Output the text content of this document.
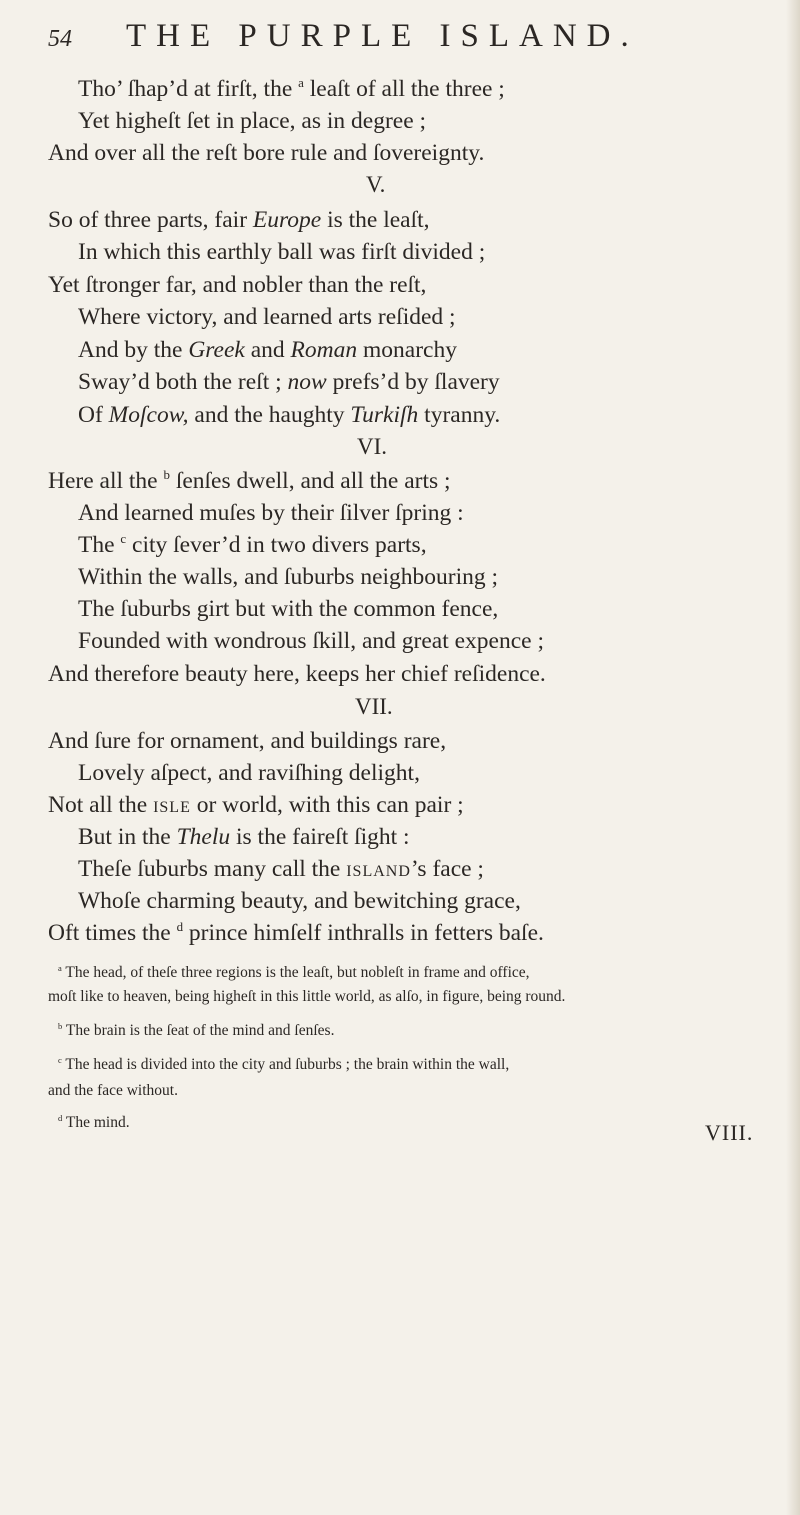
54 THE PURPLE ISLAND.
Tho’ ſhap’d at firſt, the $^a$ leaſt of all the three ;
Yet higheſt ſet in place, as in degree ;
And over all the reſt bore rule and ſovereignty.
V.
So of three parts, fair Europe is the leaſt,
In which this earthly ball was firſt divided ;
Yet ſtronger far, and nobler than the reſt,
Where victory, and learned arts reſided ;
And by the Greek and Roman monarchy
Sway’d both the reſt ; now prefs’d by ſlavery
Of Moſcow, and the haughty Turkiſh tyranny.
VI.
Here all the $^b$ ſenſes dwell, and all the arts ;
And learned muſes by their ſilver ſpring :
The $^c$ city ſever’d in two divers parts,
Within the walls, and ſuburbs neighbouring ;
The ſuburbs girt but with the common fence,
Founded with wondrous ſkill, and great expence ;
And therefore beauty here, keeps her chief reſidence.
VII.
And ſure for ornament, and buildings rare,
Lovely aſpect, and raviſhing delight,
Not all the isle or world, with this can pair ;
But in the Thelu is the faireſt ſight :
Theſe ſuburbs many call the island’s face ;
Whoſe charming beauty, and bewitching grace,
Oft times the $^d$ prince himſelf inthralls in fetters baſe.
$^a$ The head, of theſe three regions is the leaſt, but nobleſt in frame and office,
moſt like to heaven, being higheſt in this little world, as alſo, in figure, being round.
$^b$ The brain is the ſeat of the mind and ſenſes.
$^c$ The head is divided into the city and ſuburbs ; the brain within the wall,
and the face without.
$^d$ The mind.	VIII.
